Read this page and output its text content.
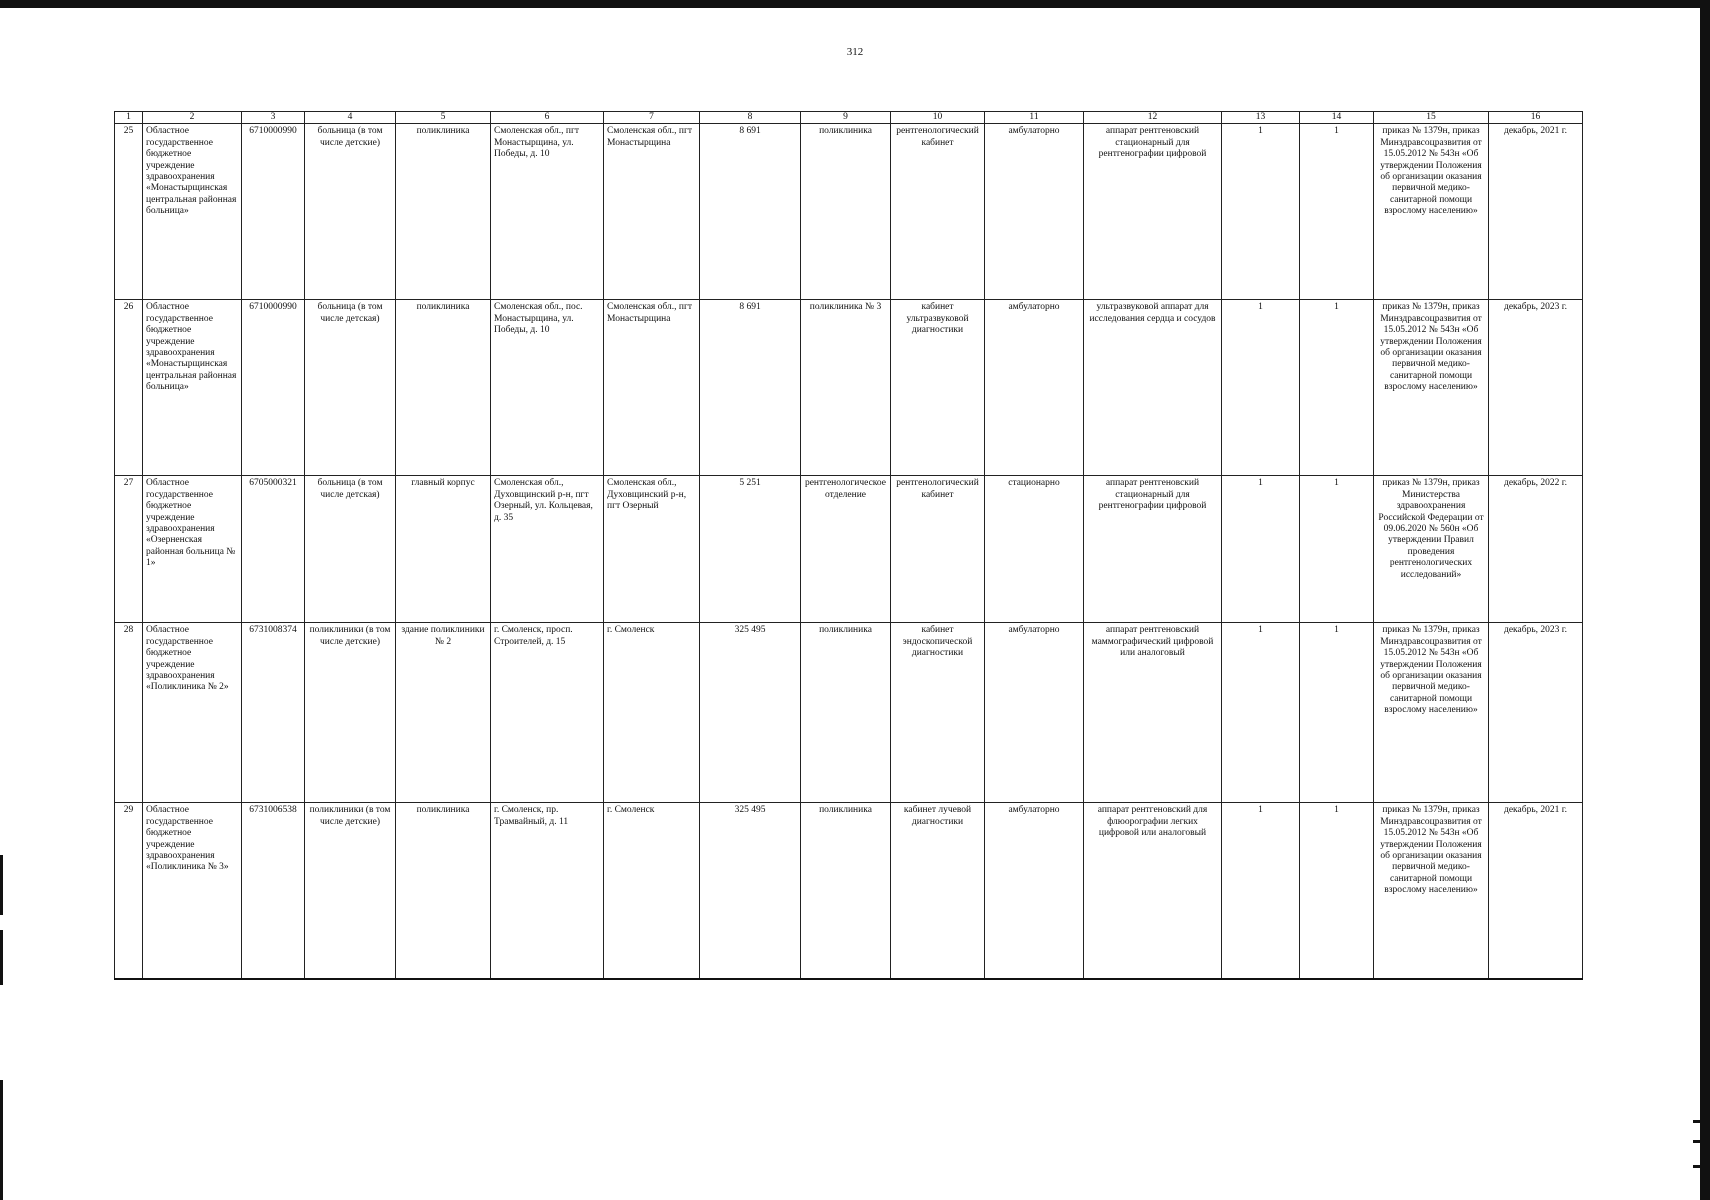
312
1	2	3	4	5	6	7	8	9	10	11	12	13	14	15	16
25	Областное государственное бюджетное учреждение здравоохранения «Монастырщинская центральная районная больница»	6710000990	больница (в том числе детские)	поликлиника	Смоленская обл., пгт Монастырщина, ул. Победы, д. 10	Смоленская обл., пгт Монастырщина	8 691	поликлиника	рентгенологический кабинет	амбулаторно	аппарат рентгеновский стационарный для рентгенографии цифровой	1	1	приказ № 1379н, приказ Минздравсоцразвития от 15.05.2012 № 543н «Об утверждении Положения об организации оказания первичной медико-санитарной помощи взрослому населению»	декабрь, 2021 г.
26	Областное государственное бюджетное учреждение здравоохранения «Монастырщинская центральная районная больница»	6710000990	больница (в том числе детская)	поликлиника	Смоленская обл., пос. Монастырщина, ул. Победы, д. 10	Смоленская обл., пгт Монастырщина	8 691	поликлиника № 3	кабинет ультразвуковой диагностики	амбулаторно	ультразвуковой аппарат для исследования сердца и сосудов	1	1	приказ № 1379н, приказ Минздравсоцразвития от 15.05.2012 № 543н «Об утверждении Положения об организации оказания первичной медико-санитарной помощи взрослому населению»	декабрь, 2023 г.
27	Областное государственное бюджетное учреждение здравоохранения «Озерненская районная больница № 1»	6705000321	больница (в том числе детская)	главный корпус	Смоленская обл., Духовщинский р-н, пгт Озерный, ул. Кольцевая, д. 35	Смоленская обл., Духовщинский р-н, пгт Озерный	5 251	рентгенологическое отделение	рентгенологический кабинет	стационарно	аппарат рентгеновский стационарный для рентгенографии цифровой	1	1	приказ № 1379н, приказ Министерства здравоохранения Российской Федерации от 09.06.2020 № 560н «Об утверждении Правил проведения рентгенологических исследований»	декабрь, 2022 г.
28	Областное государственное бюджетное учреждение здравоохранения «Поликлиника № 2»	6731008374	поликлиники (в том числе детские)	здание поликлиники № 2	г. Смоленск, просп. Строителей, д. 15	г. Смоленск	325 495	поликлиника	кабинет эндоскопической диагностики	амбулаторно	аппарат рентгеновский маммографический цифровой или аналоговый	1	1	приказ № 1379н, приказ Минздравсоцразвития от 15.05.2012 № 543н «Об утверждении Положения об организации оказания первичной медико-санитарной помощи взрослому населению»	декабрь, 2023 г.
29	Областное государственное бюджетное учреждение здравоохранения «Поликлиника № 3»	6731006538	поликлиники (в том числе детские)	поликлиника	г. Смоленск, пр. Трамвайный, д. 11	г. Смоленск	325 495	поликлиника	кабинет лучевой диагностики	амбулаторно	аппарат рентгеновский для флюорографии легких цифровой или аналоговый	1	1	приказ № 1379н, приказ Минздравсоцразвития от 15.05.2012 № 543н «Об утверждении Положения об организации оказания первичной медико-санитарной помощи взрослому населению»	декабрь, 2021 г.
